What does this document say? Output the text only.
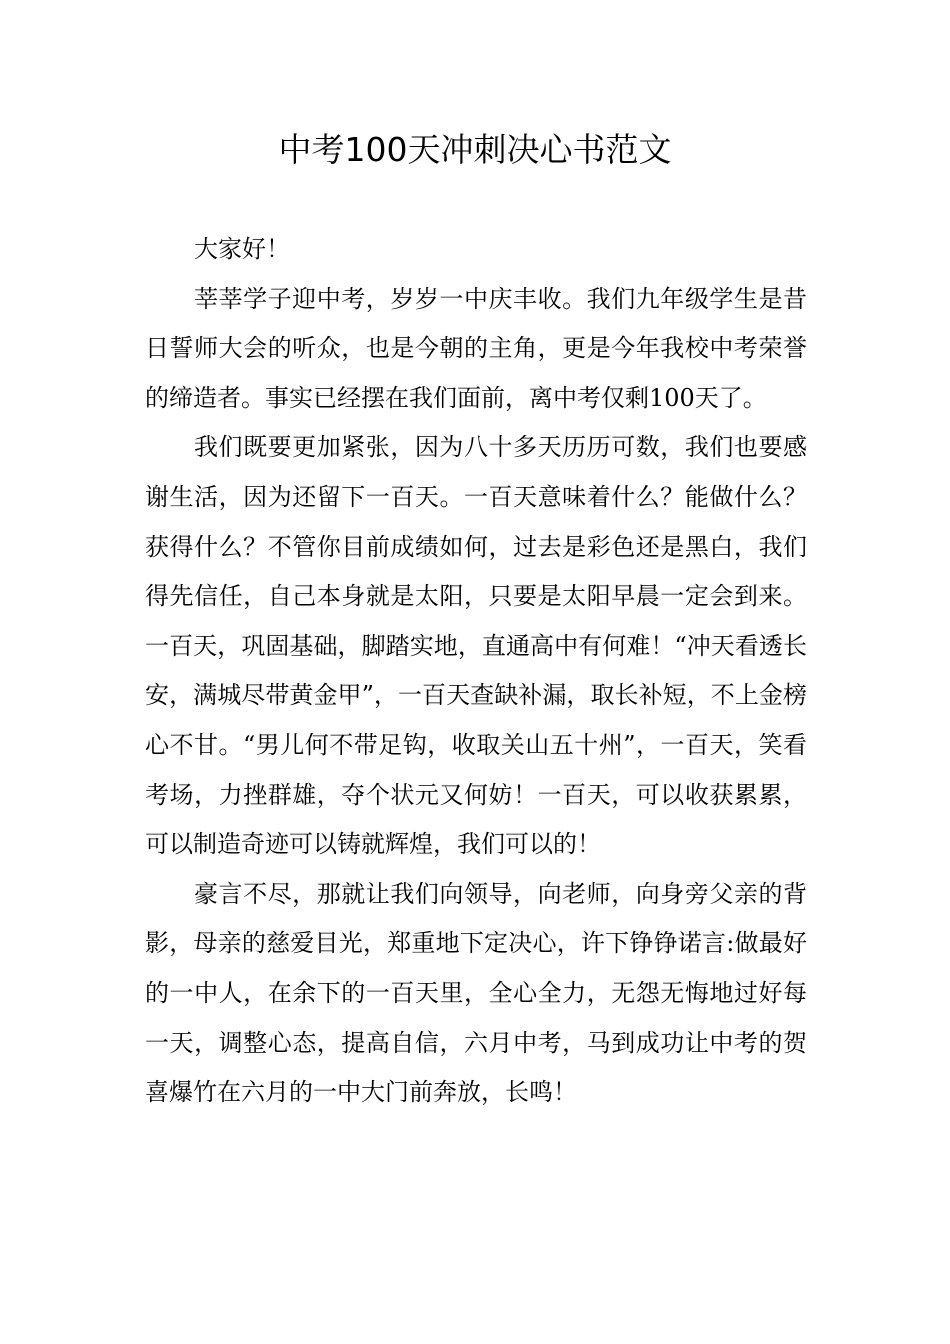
中考100天冲刺决心书范文

大家好！

莘莘学子迎中考，岁岁一中庆丰收。我们九年级学生是昔日誓师大会的听众，也是今朝的主角，更是今年我校中考荣誉的缔造者。事实已经摆在我们面前，离中考仅剩100天了。

我们既要更加紧张，因为八十多天历历可数，我们也要感谢生活，因为还留下一百天。一百天意味着什么？能做什么？获得什么？不管你目前成绩如何，过去是彩色还是黑白，我们得先信任，自己本身就是太阳，只要是太阳早晨一定会到来。一百天，巩固基础，脚踏实地，直通高中有何难！“冲天看透长安，满城尽带黄金甲”，一百天查缺补漏，取长补短，不上金榜心不甘。“男儿何不带足钩，收取关山五十州”，一百天，笑看考场，力挫群雄，夺个状元又何妨！一百天，可以收获累累，可以制造奇迹可以铸就辉煌，我们可以的！

豪言不尽，那就让我们向领导，向老师，向身旁父亲的背影，母亲的慈爱目光，郑重地下定决心，许下铮铮诺言:做最好的一中人，在余下的一百天里，全心全力，无怨无悔地过好每一天，调整心态，提高自信，六月中考，马到成功让中考的贺喜爆竹在六月的一中大门前奔放，长鸣！
